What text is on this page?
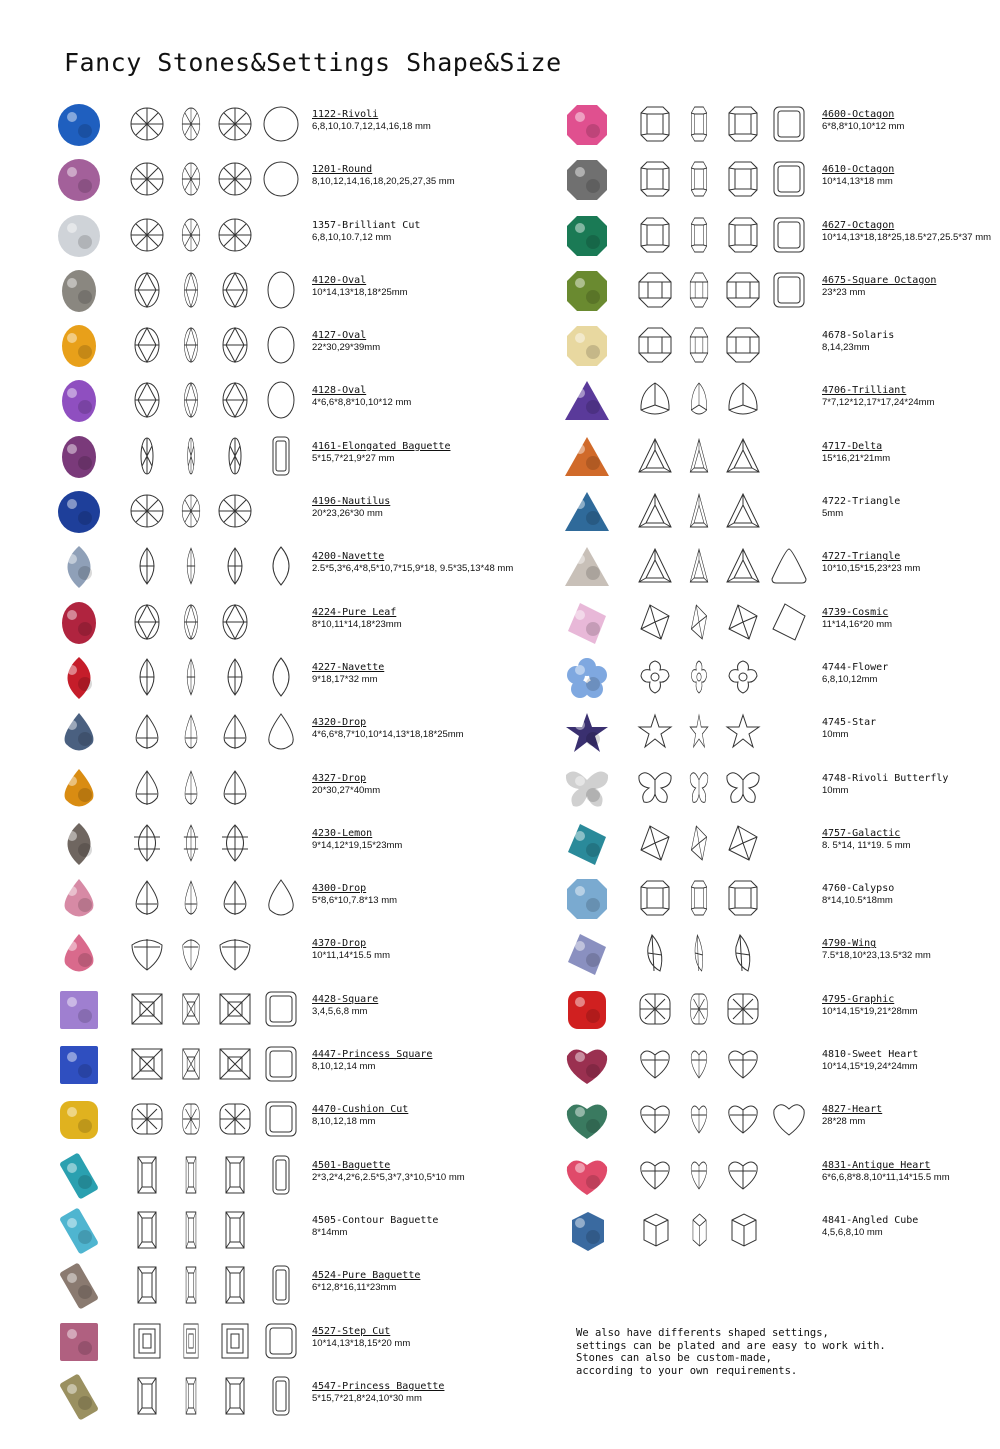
Fancy Stones&Settings Shape&Size
1122-Rivoli
6,8,10,10.7,12,14,16,18 mm
1201-Round
8,10,12,14,16,18,20,25,27,35 mm
1357-Brilliant Cut
6,8,10,10.7,12 mm
4120-Oval
10*14,13*18,18*25mm
4127-Oval
22*30,29*39mm
4128-Oval
4*6,6*8,8*10,10*12 mm
4161-Elongated Baguette
5*15,7*21,9*27 mm
4196-Nautilus
20*23,26*30 mm
4200-Navette
2.5*5,3*6,4*8,5*10,7*15,9*18, 9.5*35,13*48 mm
4224-Pure Leaf
8*10,11*14,18*23mm
4227-Navette
9*18,17*32 mm
4320-Drop
4*6,6*8,7*10,10*14,13*18,18*25mm
4327-Drop
20*30,27*40mm
4230-Lemon
9*14,12*19,15*23mm
4300-Drop
5*8,6*10,7.8*13 mm
4370-Drop
10*11,14*15.5 mm
4428-Square
3,4,5,6,8 mm
4447-Princess Square
8,10,12,14 mm
4470-Cushion Cut
8,10,12,18 mm
4501-Baguette
2*3,2*4,2*6,2.5*5,3*7,3*10,5*10 mm
4505-Contour Baguette
8*14mm
4524-Pure Baguette
6*12,8*16,11*23mm
4527-Step Cut
10*14,13*18,15*20 mm
4547-Princess Baguette
5*15,7*21,8*24,10*30 mm
4600-Octagon
6*8,8*10,10*12 mm
4610-Octagon
10*14,13*18 mm
4627-Octagon
10*14,13*18,18*25,18.5*27,25.5*37 mm
4675-Square Octagon
23*23 mm
4678-Solaris
8,14,23mm
4706-Trilliant
7*7,12*12,17*17,24*24mm
4717-Delta
15*16,21*21mm
4722-Triangle
5mm
4727-Triangle
10*10,15*15,23*23 mm
4739-Cosmic
11*14,16*20 mm
4744-Flower
6,8,10,12mm
4745-Star
10mm
4748-Rivoli Butterfly
10mm
4757-Galactic
8. 5*14, 11*19. 5 mm
4760-Calypso
8*14,10.5*18mm
4790-Wing
7.5*18,10*23,13.5*32 mm
4795-Graphic
10*14,15*19,21*28mm
4810-Sweet Heart
10*14,15*19,24*24mm
4827-Heart
28*28 mm
4831-Antique Heart
6*6,6,8*8.8,10*11,14*15.5 mm
4841-Angled Cube
4,5,6,8,10 mm
We also have differents shaped settings,
settings can be plated and are easy to work with.
Stones can also be custom-made,
according to your own requirements.
